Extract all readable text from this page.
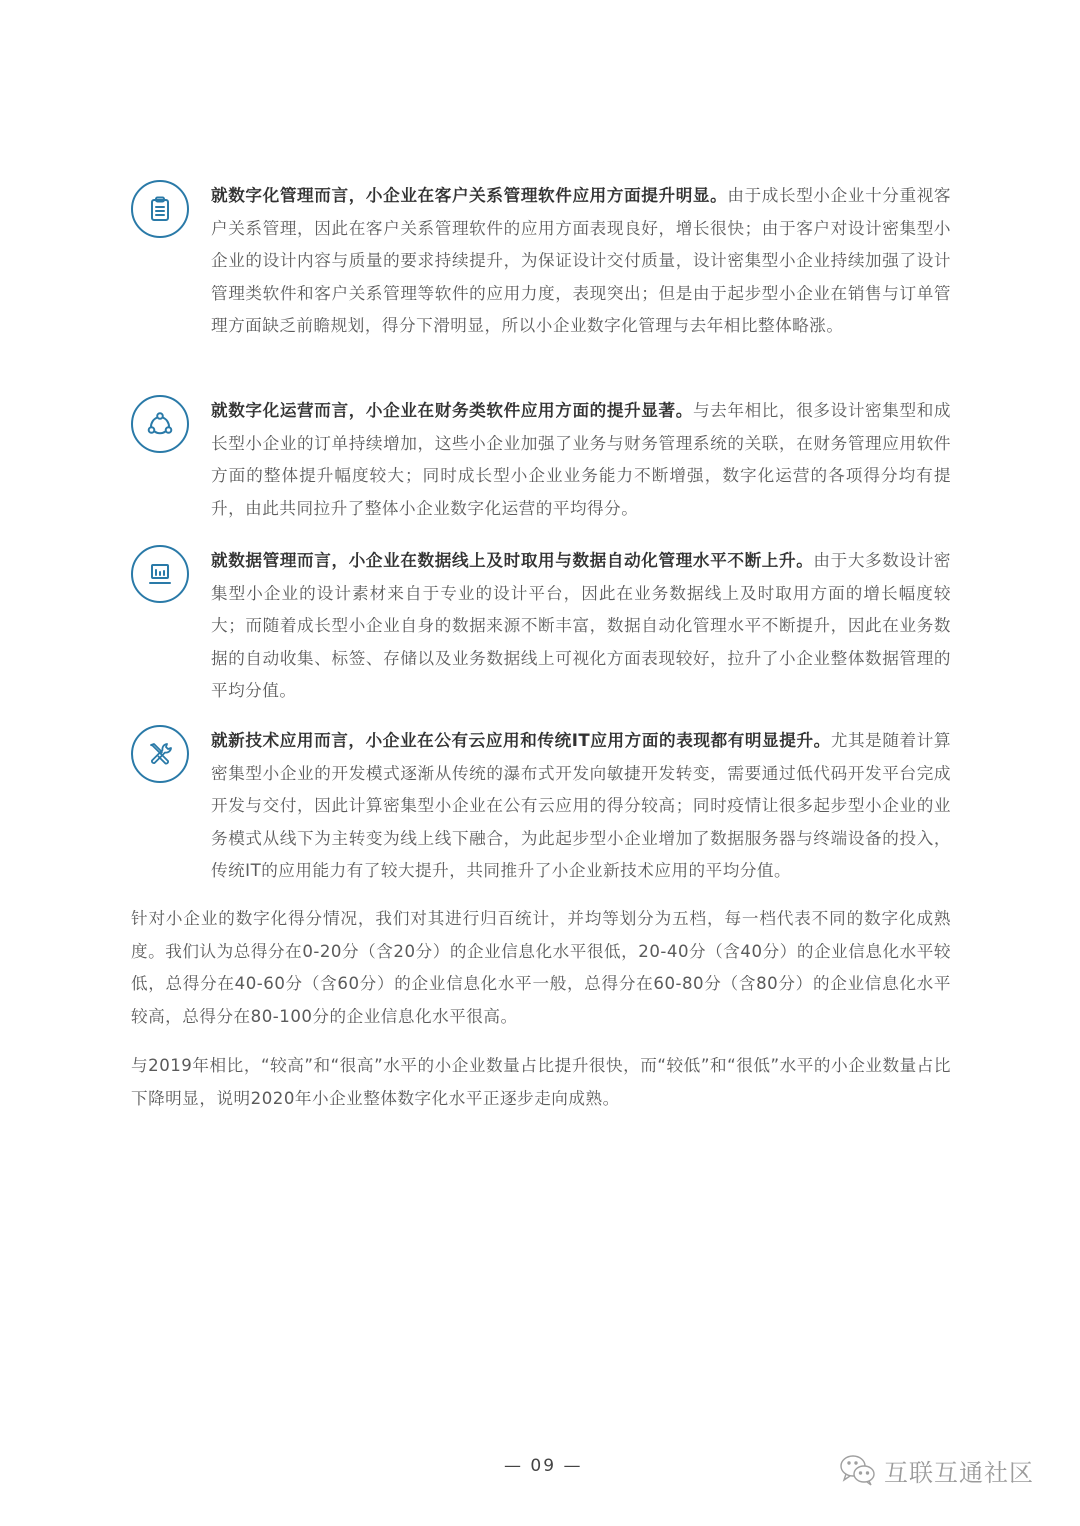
就数字化管理而言，小企业在客户关系管理软件应用方面提升明显。由于成长型小企业十分重视客户关系管理，因此在客户关系管理软件的应用方面表现良好，增长很快；由于客户对设计密集型小企业的设计内容与质量的要求持续提升，为保证设计交付质量，设计密集型小企业持续加强了设计管理类软件和客户关系管理等软件的应用力度，表现突出；但是由于起步型小企业在销售与订单管理方面缺乏前瞻规划，得分下滑明显，所以小企业数字化管理与去年相比整体略涨。

就数字化运营而言，小企业在财务类软件应用方面的提升显著。与去年相比，很多设计密集型和成长型小企业的订单持续增加，这些小企业加强了业务与财务管理系统的关联，在财务管理应用软件方面的整体提升幅度较大；同时成长型小企业业务能力不断增强，数字化运营的各项得分均有提升，由此共同拉升了整体小企业数字化运营的平均得分。

就数据管理而言，小企业在数据线上及时取用与数据自动化管理水平不断上升。由于大多数设计密集型小企业的设计素材来自于专业的设计平台，因此在业务数据线上及时取用方面的增长幅度较大；而随着成长型小企业自身的数据来源不断丰富，数据自动化管理水平不断提升，因此在业务数据的自动收集、标签、存储以及业务数据线上可视化方面表现较好，拉升了小企业整体数据管理的平均分值。

就新技术应用而言，小企业在公有云应用和传统IT应用方面的表现都有明显提升。尤其是随着计算密集型小企业的开发模式逐渐从传统的瀑布式开发向敏捷开发转变，需要通过低代码开发平台完成开发与交付，因此计算密集型小企业在公有云应用的得分较高；同时疫情让很多起步型小企业的业务模式从线下为主转变为线上线下融合，为此起步型小企业增加了数据服务器与终端设备的投入，传统IT的应用能力有了较大提升，共同推升了小企业新技术应用的平均分值。

针对小企业的数字化得分情况，我们对其进行归百统计，并均等划分为五档，每一档代表不同的数字化成熟度。我们认为总得分在0-20分（含20分）的企业信息化水平很低，20-40分（含40分）的企业信息化水平较低，总得分在40-60分（含60分）的企业信息化水平一般，总得分在60-80分（含80分）的企业信息化水平较高，总得分在80-100分的企业信息化水平很高。

与2019年相比，“较高”和“很高”水平的小企业数量占比提升很快，而“较低”和“很低”水平的小企业数量占比下降明显，说明2020年小企业整体数字化水平正逐步走向成熟。

— 09 —	互联互通社区
